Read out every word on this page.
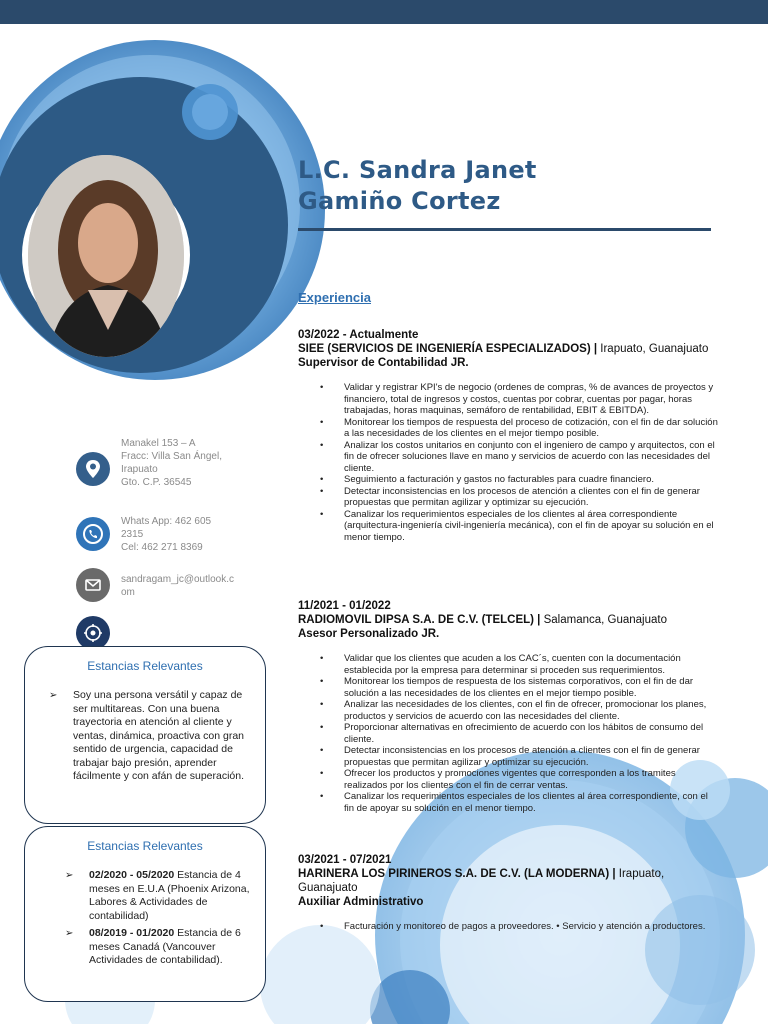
L.C. Sandra Janet
Gamiño Cortez
Manakel 153 – A
Fracc: Villa San Ángel,
Irapuato
Gto. C.P. 36545
Whats App: 462 605
2315
Cel: 462 271 8369
sandragam_jc@outlook.c
om
Estancias Relevantes
➢ Soy una persona versátil y capaz de ser multitareas. Con una buena trayectoria en atención al cliente y ventas, dinámica, proactiva con gran sentido de urgencia, capacidad de trabajar bajo presión, aprender fácilmente y con afán de superación.
Estancias Relevantes
➢ 02/2020 - 05/2020 Estancia de 4 meses en E.U.A (Phoenix Arizona, Labores & Actividades de contabilidad)
➢ 08/2019 - 01/2020 Estancia de 6 meses Canadá (Vancouver Actividades de contabilidad).
Experiencia

03/2022 - Actualmente

SIEE (SERVICIOS DE INGENIERÍA ESPECIALIZADOS) | Irapuato, Guanajuato

Supervisor de Contabilidad JR.

• Validar y registrar KPI's de negocio (ordenes de compras, % de avances de proyectos y financiero, total de ingresos y costos, cuentas por cobrar, cuentas por pagar, horas trabajadas, horas maquinas, semáforo de rentabilidad, EBIT & EBITDA).
• Monitorear los tiempos de respuesta del proceso de cotización, con el fin de dar solución a las necesidades de los clientes en el mejor tiempo posible.
• Analizar los costos unitarios en conjunto con el ingeniero de campo y arquitectos, con el fin de ofrecer soluciones llave en mano y servicios de acuerdo con las necesidades del cliente.
• Seguimiento a facturación y gastos no facturables para cuadre financiero.
• Detectar inconsistencias en los procesos de atención a clientes con el fin de generar propuestas que permitan agilizar y optimizar su ejecución.
• Canalizar los requerimientos especiales de los clientes al área correspondiente (arquitectura-ingeniería civil-ingeniería mecánica), con el fin de apoyar su solución en el menor tiempo.

11/2021 - 01/2022

RADIOMOVIL DIPSA S.A. DE C.V. (TELCEL) | Salamanca, Guanajuato

Asesor Personalizado JR.

• Validar que los clientes que acuden a los CAC´s, cuenten con la documentación establecida por la empresa para determinar si proceden sus requerimientos.
• Monitorear los tiempos de respuesta de los sistemas corporativos, con el fin de dar solución a las necesidades de los clientes en el mejor tiempo posible.
• Analizar las necesidades de los clientes, con el fin de ofrecer, promocionar los planes, productos y servicios de acuerdo con las necesidades del cliente.
• Proporcionar alternativas en ofrecimiento de acuerdo con los hábitos de consumo del cliente.
• Detectar inconsistencias en los procesos de atención a clientes con el fin de generar propuestas que permitan agilizar y optimizar su ejecución.
• Ofrecer los productos y promociones vigentes que corresponden a los tramites realizados por los clientes con el fin de cerrar ventas.
• Canalizar los requerimientos especiales de los clientes al área correspondiente, con el fin de apoyar su solución en el menor tiempo.

03/2021 - 07/2021

HARINERA LOS PIRINEROS S.A. DE C.V. (LA MODERNA) | Irapuato, Guanajuato

Auxiliar Administrativo

• Facturación y monitoreo de pagos a proveedores. • Servicio y atención a productores.
